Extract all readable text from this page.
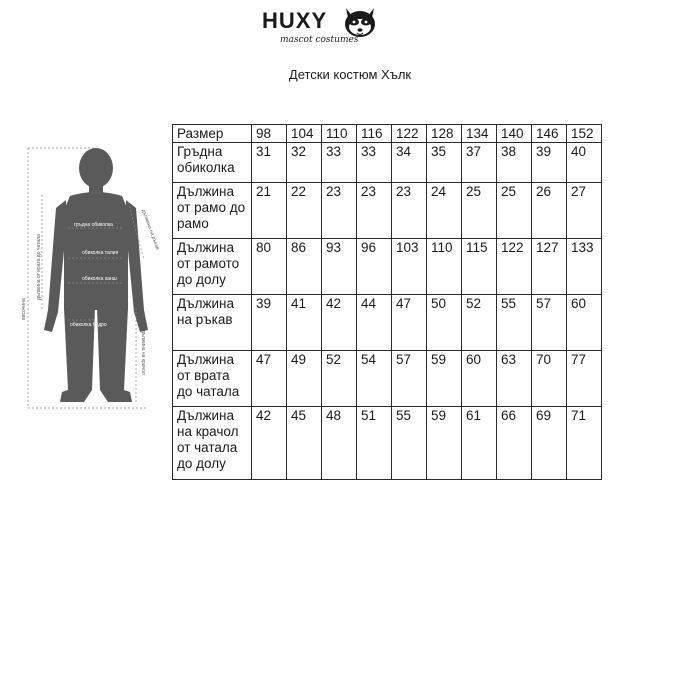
HUXY
mascot costumes
Детски костюм Хълк
гръдна обиколка
обиколка талия
обиколка ханш
обиколка бедро
височина
дължина от врата до чатала
дължина на ръкав
дължина на крачол
Размер	98	104	110	116	122	128	134	140	146	152
Гръдна обиколка	31	32	33	33	34	35	37	38	39	40
Дължина от рамо до рамо	21	22	23	23	23	24	25	25	26	27
Дължина от рамото до долу	80	86	93	96	103	110	115	122	127	133
Дължина на ръкав	39	41	42	44	47	50	52	55	57	60
Дължина от врата до чатала	47	49	52	54	57	59	60	63	70	77
Дължина на крачол от чатала до долу	42	45	48	51	55	59	61	66	69	71
